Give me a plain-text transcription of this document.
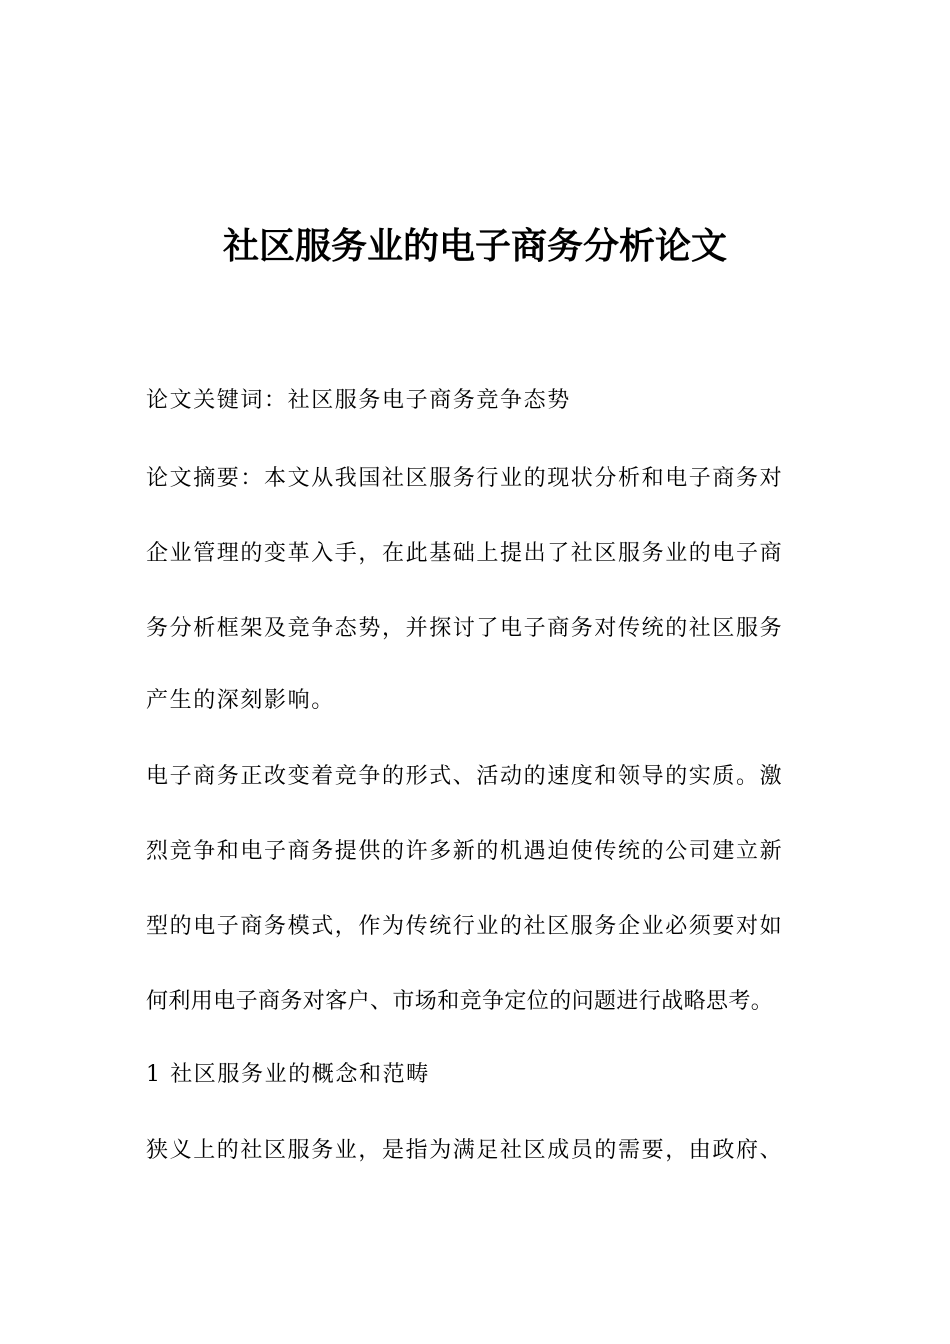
社区服务业的电子商务分析论文

论文关键词：社区服务电子商务竞争态势

论文摘要：本文从我国社区服务行业的现状分析和电子商务对

企业管理的变革入手，在此基础上提出了社区服务业的电子商

务分析框架及竞争态势，并探讨了电子商务对传统的社区服务

产生的深刻影响。

电子商务正改变着竞争的形式、活动的速度和领导的实质。激

烈竞争和电子商务提供的许多新的机遇迫使传统的公司建立新

型的电子商务模式，作为传统行业的社区服务企业必须要对如

何利用电子商务对客户、市场和竞争定位的问题进行战略思考。

1 社区服务业的概念和范畴

狭义上的社区服务业，是指为满足社区成员的需要，由政府、
